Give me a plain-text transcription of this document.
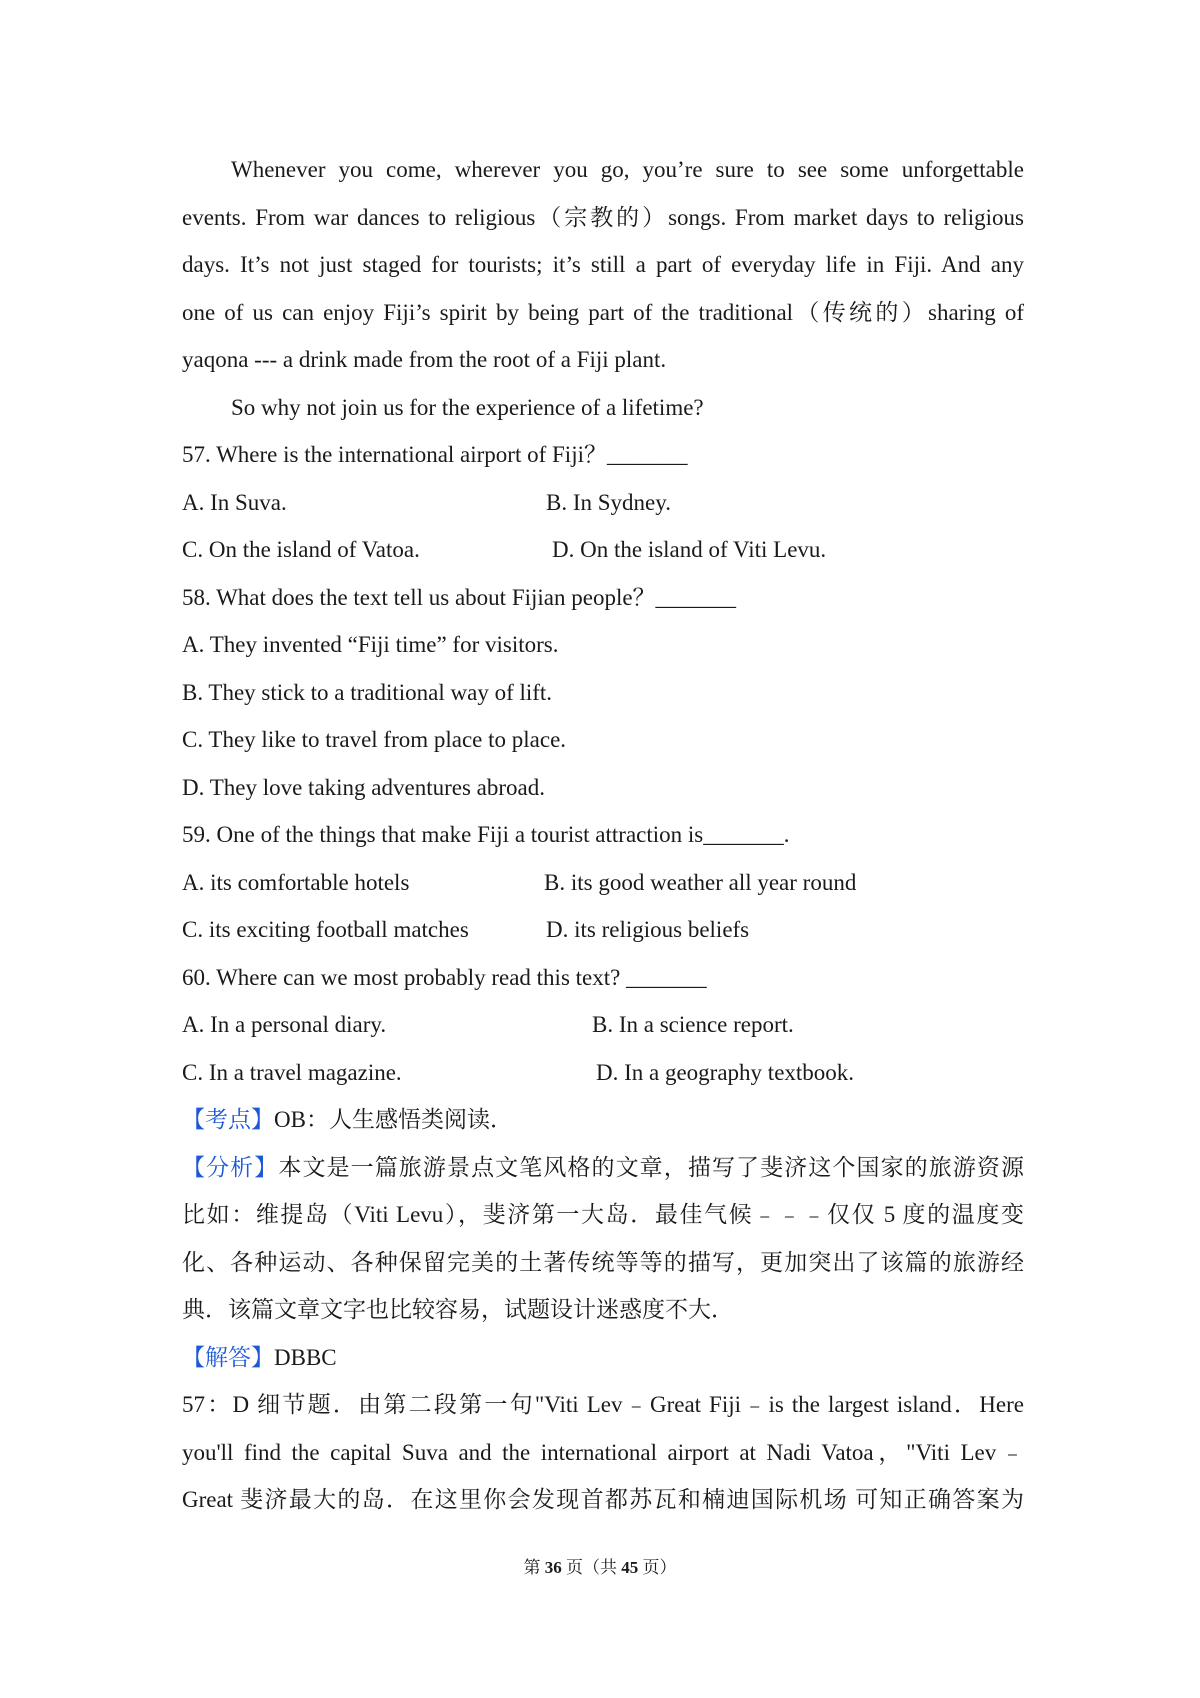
Whenever you come, wherever you go, you’re sure to see some unforgettable
events. From war dances to religious（宗教的）songs. From market days to religious
days. It’s not just staged for tourists; it’s still a part of everyday life in Fiji. And any
one of us can enjoy Fiji’s spirit by being part of the traditional（传统的）sharing of
yaqona --- a drink made from the root of a Fiji plant.
So why not join us for the experience of a lifetime?
57. Where is the international airport of Fiji？_______
A. In Suva.	B. In Sydney.
C. On the island of Vatoa.	D. On the island of Viti Levu.
58. What does the text tell us about Fijian people？_______
A. They invented “Fiji time” for visitors.
B. They stick to a traditional way of lift.
C. They like to travel from place to place.
D. They love taking adventures abroad.
59. One of the things that make Fiji a tourist attraction is_______.
A. its comfortable hotels	B. its good weather all year round
C. its exciting football matches	D. its religious beliefs
60. Where can we most probably read this text? _______
A. In a personal diary.	B. In a science report.
C. In a travel magazine.	D. In a geography textbook.
【考点】OB：人生感悟类阅读．
【分析】本文是一篇旅游景点文笔风格的文章，描写了斐济这个国家的旅游资源
比如：维提岛（Viti Levu），斐济第一大岛．最佳气候﹣﹣﹣仅仅 5 度的温度变
化、各种运动、各种保留完美的土著传统等等的描写，更加突出了该篇的旅游经
典．该篇文章文字也比较容易，试题设计迷惑度不大．
【解答】DBBC
57：D 细节题．由第二段第一句"Viti Lev﹣Great Fiji﹣is the largest island．Here
you'll find the capital Suva and the international airport at Nadi Vatoa，"Viti Lev﹣
Great 斐济最大的岛．在这里你会发现首都苏瓦和楠迪国际机场 可知正确答案为
第 36 页（共 45 页）
